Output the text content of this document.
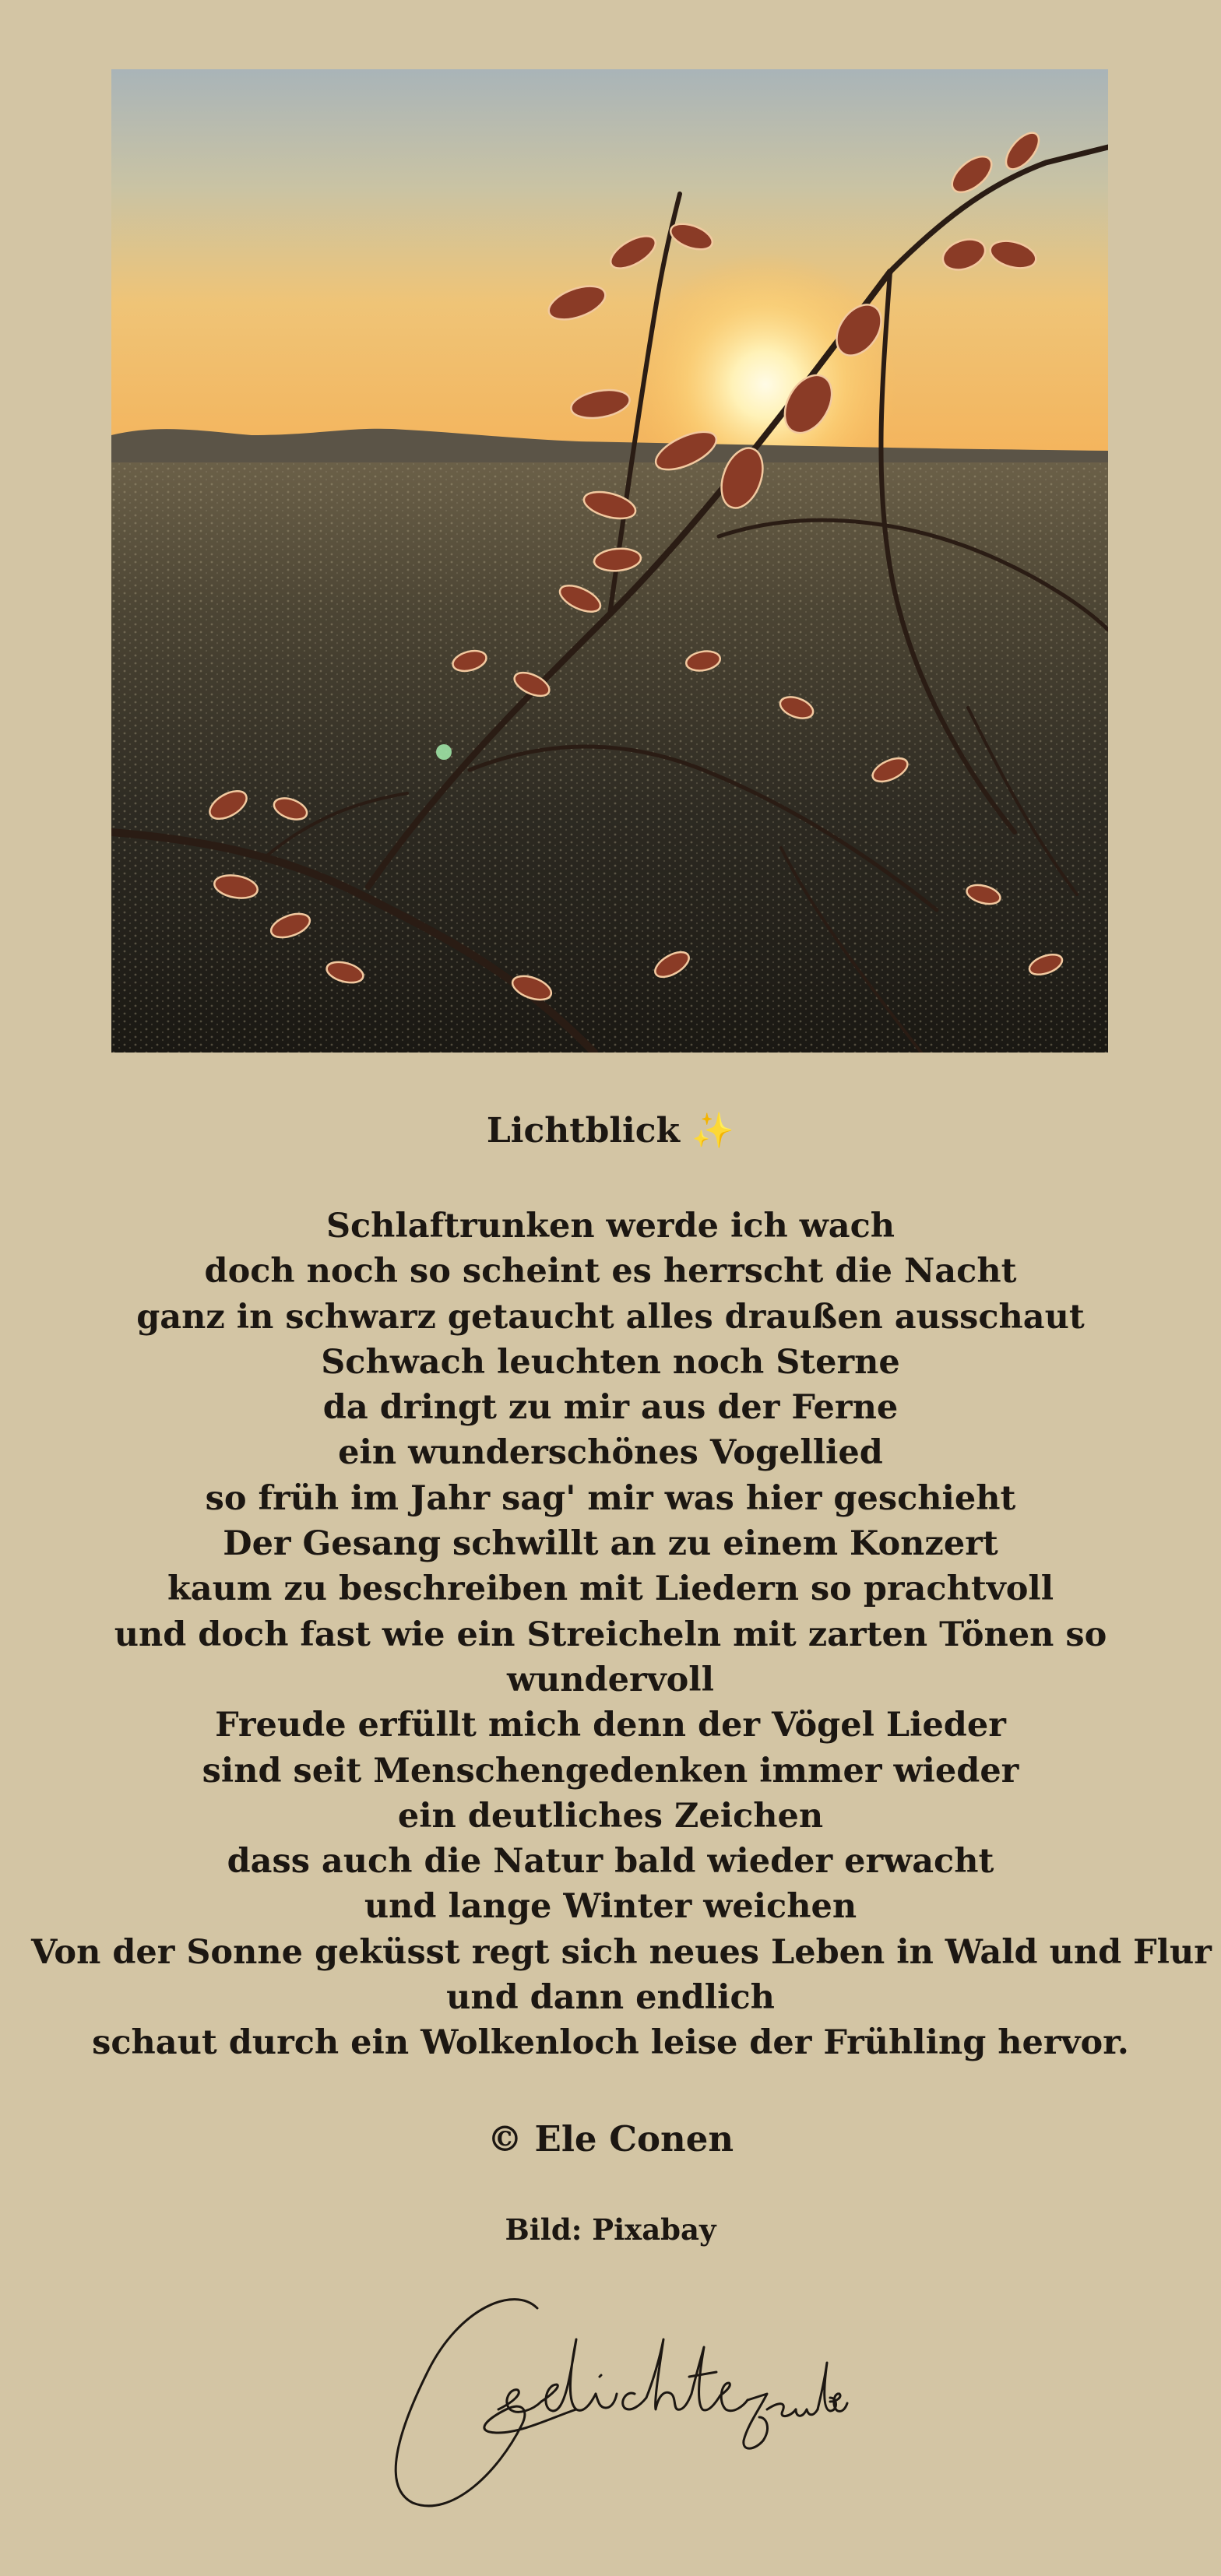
Lichtblick ✨
Schlaftrunken werde ich wach
doch noch so scheint es herrscht die Nacht
ganz in schwarz getaucht alles draußen ausschaut
Schwach leuchten noch Sterne
da dringt zu mir aus der Ferne
ein wunderschönes Vogellied
so früh im Jahr sag' mir was hier geschieht
Der Gesang schwillt an zu einem Konzert
kaum zu beschreiben mit Liedern so prachtvoll
und doch fast wie ein Streicheln mit zarten Tönen so
wundervoll
Freude erfüllt mich denn der Vögel Lieder
sind seit Menschengedenken immer wieder
ein deutliches Zeichen
dass auch die Natur bald wieder erwacht
und lange Winter weichen
Von der Sonne geküsst regt sich neues Leben in Wald und Flur
und dann endlich
schaut durch ein Wolkenloch leise der Frühling hervor.
© Ele Conen
Bild: Pixabay
